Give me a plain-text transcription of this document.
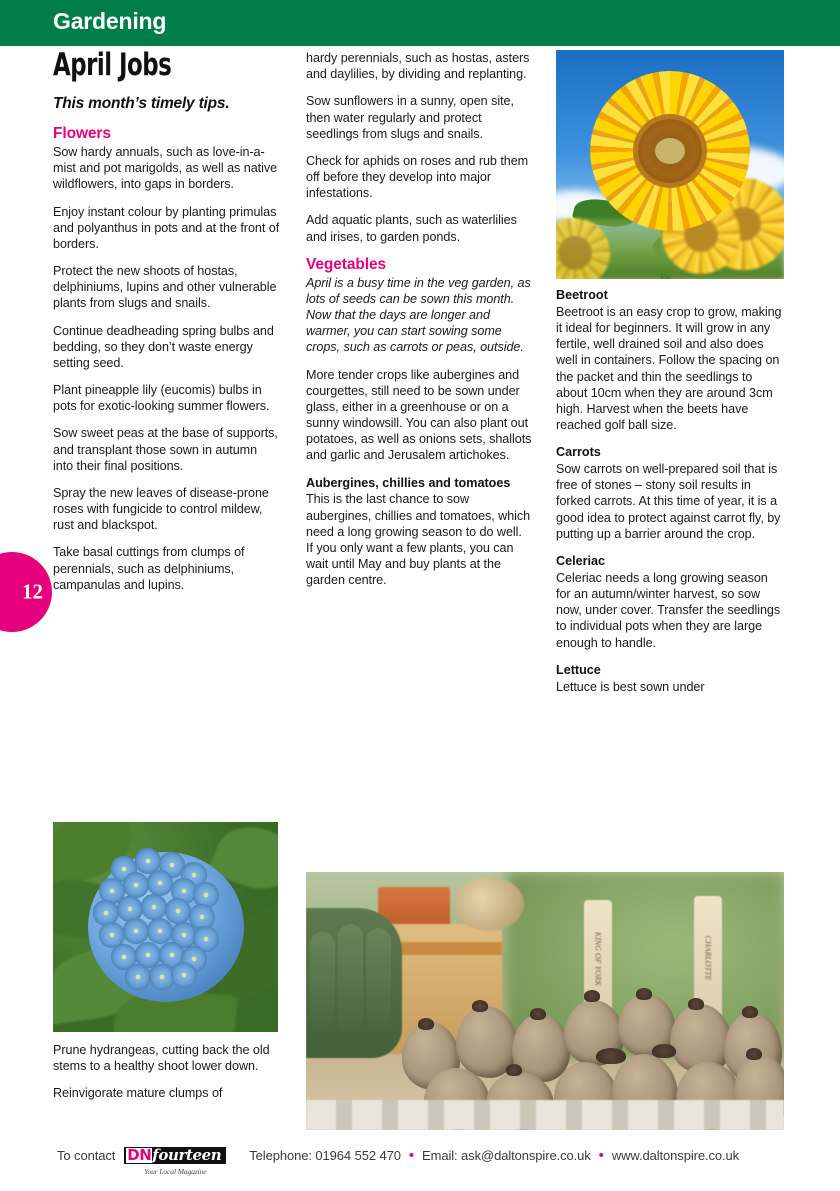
Gardening
12
April Jobs
This month’s timely tips.
Flowers

Sow hardy annuals, such as love-in-a-mist and pot marigolds, as well as native wildflowers, into gaps in borders.

Enjoy instant colour by planting primulas and polyanthus in pots and at the front of borders.

Protect the new shoots of hostas, delphiniums, lupins and other vulnerable plants from slugs and snails.

Continue deadheading spring bulbs and bedding, so they don’t waste energy setting seed.

Plant pineapple lily (eucomis) bulbs in pots for exotic-looking summer flowers.

Sow sweet peas at the base of supports, and transplant those sown in autumn into their final positions.

Spray the new leaves of disease-prone roses with fungicide to control mildew, rust and blackspot.

Take basal cuttings from clumps of perennials, such as delphiniums, campanulas and lupins.

Prune hydrangeas, cutting back the old stems to a healthy shoot lower down.

Reinvigorate mature clumps of

hardy perennials, such as hostas, asters and daylilies, by dividing and replanting.

Sow sunflowers in a sunny, open site, then water regularly and protect seedlings from slugs and snails.

Check for aphids on roses and rub them off before they develop into major infestations.

Add aquatic plants, such as waterlilies and irises, to garden ponds.

Vegetables

April is a busy time in the veg garden, as lots of seeds can be sown this month. Now that the days are longer and warmer, you can start sowing some crops, such as carrots or peas, outside.

More tender crops like aubergines and courgettes, still need to be sown under glass, either in a greenhouse or on a sunny windowsill. You can also plant out potatoes, as well as onions sets, shallots and garlic and Jerusalem artichokes.

Aubergines, chillies and tomatoes

This is the last chance to sow aubergines, chillies and tomatoes, which need a long growing season to do well. If you only want a few plants, you can wait until May and buy plants at the garden centre.

Beetroot

Beetroot is an easy crop to grow, making it ideal for beginners. It will grow in any fertile, well drained soil and also does well in containers. Follow the spacing on the packet and thin the seedlings to about 10cm when they are around 3cm high. Harvest when the beets have reached golf ball size.

Carrots

Sow carrots on well-prepared soil that is free of stones – stony soil results in forked carrots. At this time of year, it is a good idea to protect against carrot fly, by putting up a barrier around the crop.

Celeriac

Celeriac needs a long growing season for an autumn/winter harvest, so sow now, under cover. Transfer the seedlings to individual pots when they are large enough to handle.

Lettuce

Lettuce is best sown under

KING OF YORK	CHARLOTTE
To contact DNfourteen
Your Local Magazine
Telephone: 01964 552 470 • Email: ask@daltonspire.co.uk • www.daltonspire.co.uk
